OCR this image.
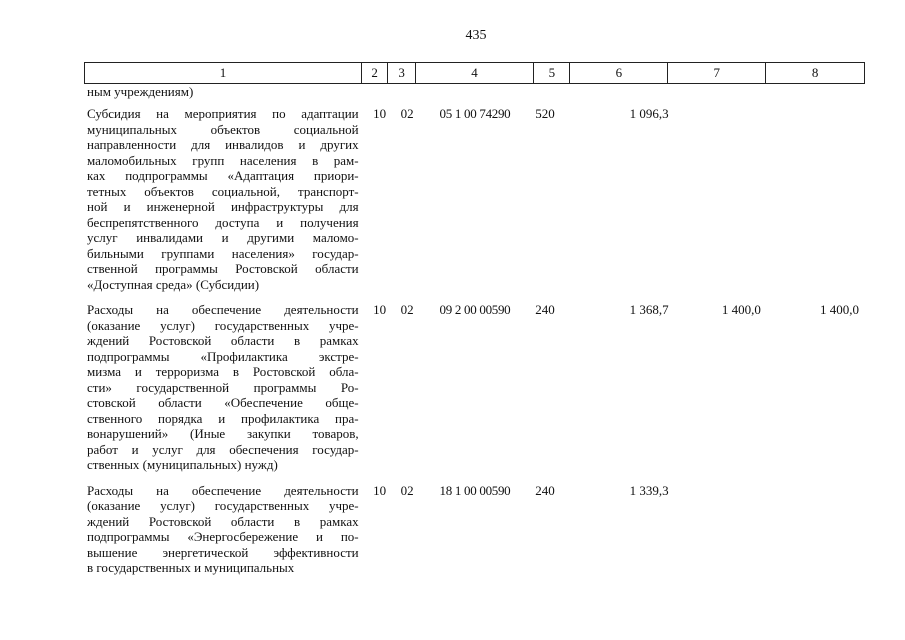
435
1	2	3	4	5	6	7	8
ным учреждениям)
Субсидия на мероприятия по адаптации
муниципальных объектов социальной
направленности для инвалидов и других
маломобильных групп населения в рам-
ках подпрограммы «Адаптация приори-
тетных объектов социальной, транспорт-
ной и инженерной инфраструктуры для
беспрепятственного доступа и получения
услуг инвалидами и другими маломо-
бильными группами населения» государ-
ственной программы Ростовской области
«Доступная среда» (Субсидии)
10	02	05 1 00 74290	520	1 096,3
Расходы на обеспечение деятельности
(оказание услуг) государственных учре-
ждений Ростовской области в рамках
подпрограммы «Профилактика экстре-
мизма и терроризма в Ростовской обла-
сти» государственной программы Ро-
стовской области «Обеспечение обще-
ственного порядка и профилактика пра-
вонарушений» (Иные закупки товаров,
работ и услуг для обеспечения государ-
ственных (муниципальных) нужд)
10	02	09 2 00 00590	240	1 368,7	1 400,0	1 400,0
Расходы на обеспечение деятельности
(оказание услуг) государственных учре-
ждений Ростовской области в рамках
подпрограммы «Энергосбережение и по-
вышение энергетической эффективности
в государственных и муниципальных
10	02	18 1 00 00590	240	1 339,3
